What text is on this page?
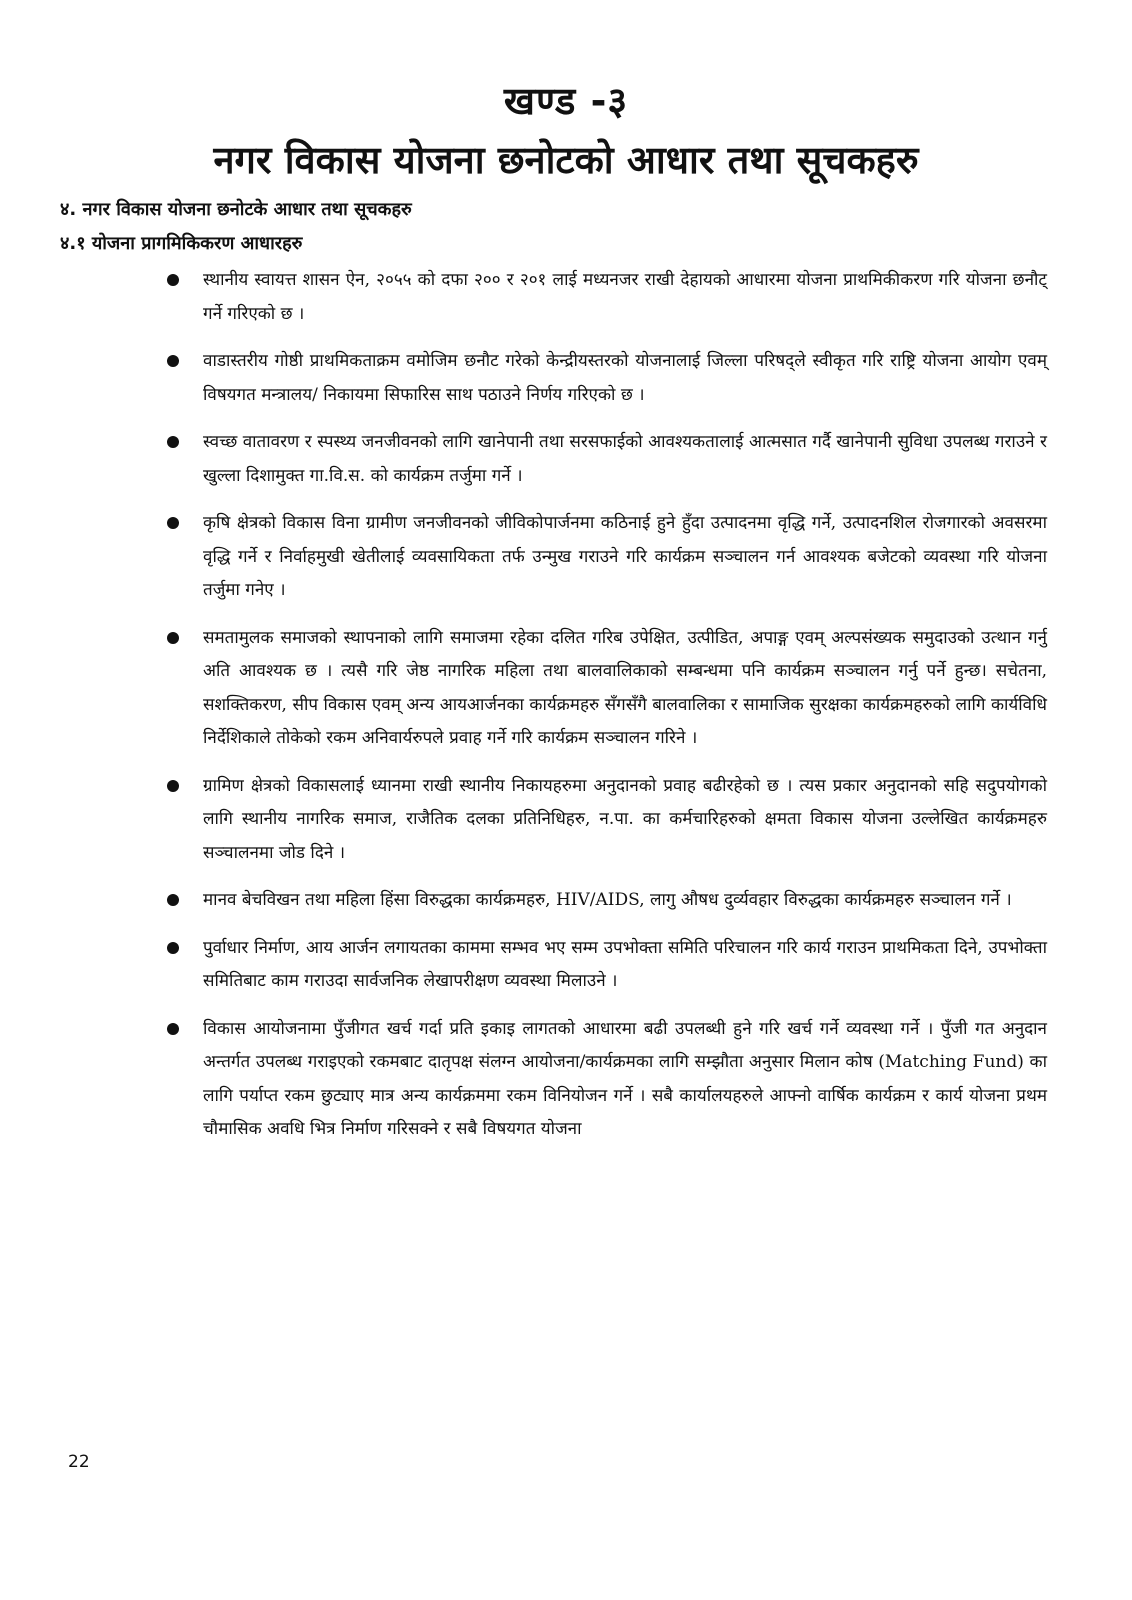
खण्ड -३
नगर विकास योजना छनोटको आधार तथा सूचकहरु
४. नगर विकास योजना छनोटके आधार तथा सूचकहरु
४.१ योजना प्रागमिकिकरण आधारहरु
स्थानीय स्वायत्त शासन ऐन, २०५५ को दफा २०० र २०१ लाई मध्यनजर राखी देहायको आधारमा योजना प्राथमिकीकरण गरि योजना छनौट् गर्ने गरिएको छ ।
वाडास्तरीय गोष्ठी प्राथमिकताक्रम वमोजिम छनौट गरेको केन्द्रीयस्तरको योजनालाई जिल्ला परिषद्ले स्वीकृत गरि राष्ट्रि योजना आयोग एवम् विषयगत मन्त्रालय/ निकायमा सिफारिस साथ पठाउने निर्णय गरिएको छ ।
स्वच्छ वातावरण र स्पस्थ्य जनजीवनको लागि खानेपानी तथा सरसफाईको आवश्यकतालाई आत्मसात गर्दै खानेपानी सुविधा उपलब्ध गराउने र खुल्ला दिशामुक्त गा.वि.स. को कार्यक्रम तर्जुमा गर्ने ।
कृषि क्षेत्रको विकास विना ग्रामीण जनजीवनको जीविकोपार्जनमा कठिनाई हुने हुँदा उत्पादनमा वृद्धि गर्ने, उत्पादनशिल रोजगारको अवसरमा वृद्धि गर्ने र निर्वाहमुखी खेतीलाई व्यवसायिकता तर्फ उन्मुख गराउने गरि कार्यक्रम सञ्चालन गर्न आवश्यक बजेटको व्यवस्था गरि योजना तर्जुमा गनेए ।
समतामुलक समाजको स्थापनाको लागि समाजमा रहेका दलित गरिब उपेक्षित, उत्पीडित, अपाङ्ग एवम् अल्पसंख्यक समुदाउको उत्थान गर्नु अति आवश्यक छ । त्यसै गरि जेष्ठ नागरिक महिला तथा बालवालिकाको सम्बन्धमा पनि कार्यक्रम सञ्चालन गर्नु पर्ने हुन्छ। सचेतना, सशक्तिकरण, सीप विकास एवम् अन्य आयआर्जनका कार्यक्रमहरु सँगसँगै बालवालिका र सामाजिक सुरक्षका कार्यक्रमहरुको लागि कार्यविधि निर्देशिकाले तोकेको रकम अनिवार्यरुपले प्रवाह गर्ने गरि कार्यक्रम सञ्चालन गरिने ।
ग्रामिण क्षेत्रको विकासलाई ध्यानमा राखी स्थानीय निकायहरुमा अनुदानको प्रवाह बढीरहेको छ । त्यस प्रकार अनुदानको सहि सदुपयोगको लागि स्थानीय नागरिक समाज, राजैतिक दलका प्रतिनिधिहरु, न.पा. का कर्मचारिहरुको क्षमता विकास योजना उल्लेखित कार्यक्रमहरु सञ्चालनमा जोड दिने ।
मानव बेचविखन तथा महिला हिंसा विरुद्धका कार्यक्रमहरु, HIV/AIDS, लागु औषध दुर्व्यवहार विरुद्धका कार्यक्रमहरु सञ्चालन गर्ने ।
पुर्वाधार निर्माण, आय आर्जन लगायतका काममा सम्भव भए सम्म उपभोक्ता समिति परिचालन गरि कार्य गराउन प्राथमिकता दिने, उपभोक्ता समितिबाट काम गराउदा सार्वजनिक लेखापरीक्षण व्यवस्था मिलाउने ।
विकास आयोजनामा पुँजीगत खर्च गर्दा प्रति इकाइ लागतको आधारमा बढी उपलब्धी हुने गरि खर्च गर्ने व्यवस्था गर्ने । पुँजी गत अनुदान अन्तर्गत उपलब्ध गराइएको रकमबाट दातृपक्ष संलग्न आयोजना/कार्यक्रमका लागि सम्झौता अनुसार मिलान कोष (Matching Fund) का लागि पर्याप्त रकम छुट्याए मात्र अन्य कार्यक्रममा रकम विनियोजन गर्ने । सबै कार्यालयहरुले आफ्नो वार्षिक कार्यक्रम र कार्य योजना प्रथम चौमासिक अवधि भित्र निर्माण गरिसक्ने र सबै विषयगत योजना
22
